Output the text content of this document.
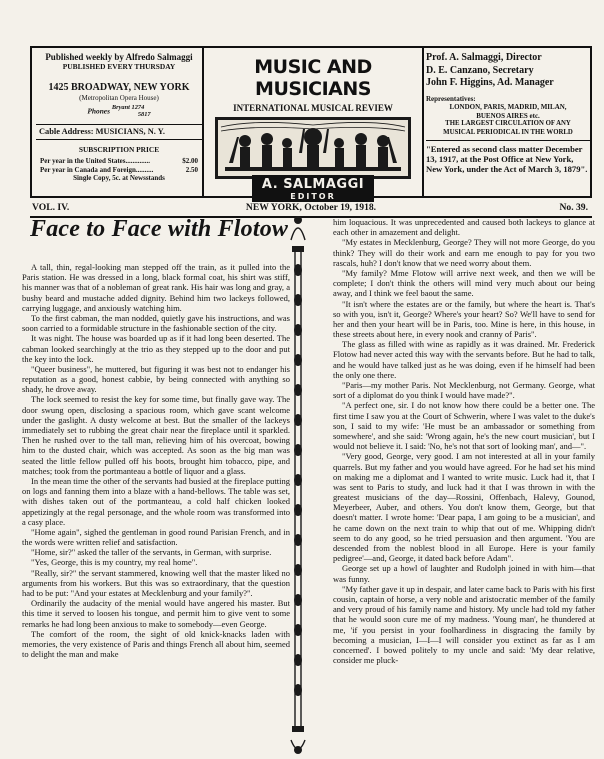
Published weekly by Alfredo Salmaggi
PUBLISHED EVERY THURSDAY
1425 BROADWAY, NEW YORK
(Metropolitan Opera House)
Phones Bryant 1274
5817
Cable Address: MUSICIANS, N. Y.
SUBSCRIPTION PRICE
Per year in the United States..............	$2.00
Per year in Canada and Foreign..........	2.50
Single Copy, 5c. at Newsstands
MUSIC AND MUSICIANS
INTERNATIONAL MUSICAL REVIEW
A. SALMAGGI
EDITOR
Prof. A. Salmaggi, Director
D. E. Canzano, Secretary
John F. Higgins, Ad. Manager
Representatives:
LONDON, PARIS, MADRID, MILAN,
BUENOS AIRES etc.
THE LARGEST CIRCULATION OF ANY
MUSICAL PERIODICAL IN THE WORLD
"Entered as second class matter December 13, 1917, at the Post Office at New York, New York, under the Act of March 3, 1879".
VOL. IV.	NEW YORK, October 19, 1918.	No. 39.
Face to Face with Flotow

A tall, thin, regal-looking man stepped off the train, as it pulled into the Paris station. He was dressed in a long, black formal coat, his shirt was stiff, his manner was that of a nobleman of great rank. His hair was long and gray, a bushy beard and mustache added dignity. Behind him two lackeys followed, carrying luggage, and anxiously watching him.

To the first cabman, the man nodded, quietly gave his instructions, and was soon carried to a formidable structure in the fashionable section of the city.

It was night. The house was boarded up as if it had long been deserted. The cabman looked searchingly at the trio as they stepped up to the door and put the key into the lock.

"Queer business", he muttered, but figuring it was best not to endanger his reputation as a good, honest cabbie, by being connected with anything so shady, he drove away.

The lock seemed to resist the key for some time, but finally gave way. The door swung open, disclosing a spacious room, which gave scant welcome under the gaslight. A dusty welcome at best. But the smaller of the lackeys immediately set to rubbing the great chair near the fireplace until it sparkled. Then he rushed over to the tall man, relieving him of his overcoat, bowing him to the dusted chair, which was accepted. As soon as the big man was seated the little fellow pulled off his boots, brought him tobacco, pipe, and matches; took from the portmanteau a bottle of liquor and a glass.

In the mean time the other of the servants had busied at the fireplace putting on logs and fanning them into a blaze with a hand-bellows. The table was set, with dishes taken out of the portmanteau, a cold half chicken looked appetizingly at the regal personage, and the whole room was transformed into a casy place.

"Home again", sighed the gentleman in good round Parisian French, and in the words were written relief and satisfaction.

"Home, sir?" asked the taller of the servants, in German, with surprise.

"Yes, George, this is my country, my real home".

"Really, sir?" the servant stammered, knowing well that the master liked no arguments from his workers. But this was so extraordinary, that the question had to be put: "And your estates at Mecklenburg and your family?".

Ordinarily the audacity of the menial would have angered his master. But this time it served to loosen his tongue, and permit him to give vent to some remarks he had long been anxious to make to somebody—even George.

The comfort of the room, the sight of old knick-knacks laden with memories, the very existence of Paris and things French all about him, seemed to delight the man and make

him loquacious. It was unprecedented and caused both lackeys to glance at each other in amazement and delight.

"My estates in Mecklenburg, George? They will not more George, do you think? They will do their work and earn me enough to pay for you two rascals, huh? I don't know that we need worry about them.

"My family? Mme Flotow will arrive next week, and then we will be complete; I don't think the others will mind very much about our being away, and I think we feel baout the same.

"It isn't where the estates are or the family, but where the heart is. That's so with you, isn't it, George? Where's your heart? So? We'll have to send for her and then your heart will be in Paris, too. Mine is here, in this house, in these streets about here, in every nook and cranny of Paris".

The glass as filled with wine as rapidly as it was drained. Mr. Frederick Flotow had never acted this way with the servants before. But he had to talk, and he would have talked just as he was doing, even if he himself had been the only one there.

"Paris—my mother Paris. Not Mecklenburg, not Germany. George, what sort of a diplomat do you think I would have made?".

"A perfect one, sir. I do not know how there could be a better one. The first time I saw you at the Court of Schwerin, where I was valet to the duke's son, I said to my wife: 'He must be an ambassador or something from somewhere', and she said: 'Wrong again, he's the new court musician', but I would not believe it. I said: 'No, he's not that sort of looking man', and—".

"Very good, George, very good. I am not interested at all in your family quarrels. But my father and you would have agreed. For he had set his mind on making me a diplomat and I wanted to write music. Luck had it, that I was sent to Paris to study, and luck had it that I was thrown in with the greatest musicians of the day—Rossini, Offenbach, Halevy, Gounod, Meyerbeer, Auber, and others. You don't know them, George, but that doesn't matter. I wrote home: 'Dear papa, I am going to be a musician', and he came down on the next train to whip that out of me. Whipping didn't seem to do any good, so he tried persuasion and then argument. 'You are descended from the noblest blood in all Europe. Here is your family pedigree'—and, George, it dated back before Adam".

George set up a howl of laughter and Rudolph joined in with him—that was funny.

"My father gave it up in despair, and later came back to Paris with his first cousin, captain of horse, a very noble and aristocratic member of the family and very proud of his family name and history. My uncle had told my father that he would soon cure me of my madness. 'Young man', he thundered at me, 'if you persist in your foolhardiness in disgracing the family by becoming a musician, I—I—I will consider you extinct as far as I am concerned'. I bowed politely to my uncle and said: 'My dear relative, consider me pluck-
